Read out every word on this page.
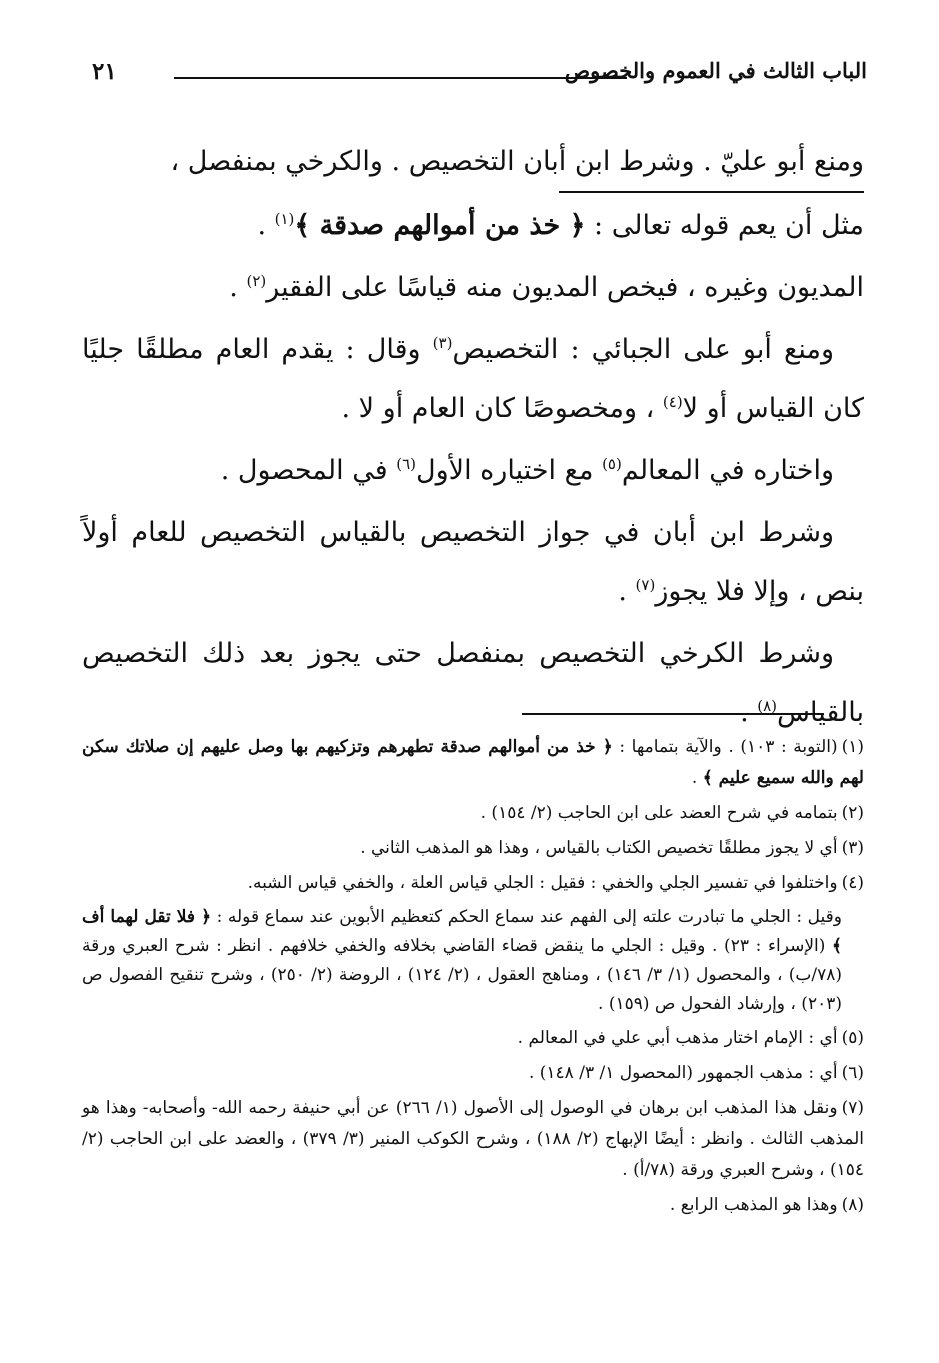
٢١	الباب الثالث في العموم والخصوص

ومنع أبو عليّ . وشرط ابن أبان التخصيص . والكرخي بمنفصل ،

مثل أن يعم قوله تعالى : ﴿ خذ من أموالهم صدقة ﴾$^{(١)}$ .

المديون وغيره ، فيخص المديون منه قياسًا على الفقير$^{(٢)}$ .

ومنع أبو على الجبائي : التخصيص$^{(٣)}$ وقال : يقدم العام مطلقًا جليًا كان القياس أو لا$^{(٤)}$ ، ومخصوصًا كان العام أو لا .

واختاره في المعالم$^{(٥)}$ مع اختياره الأول$^{(٦)}$ في المحصول .

وشرط ابن أبان في جواز التخصيص بالقياس التخصيص للعام أولاً بنص ، وإلا فلا يجوز$^{(٧)}$ .

وشرط الكرخي التخصيص بمنفصل حتى يجوز بعد ذلك التخصيص بالقياس$^{(٨)}$ .

(١)(التوبة : ١٠٣) . والآية بتمامها : ﴿ خذ من أموالهم صدقة تطهرهم وتزكيهم بها وصل عليهم إن صلاتك سكن لهم والله سميع عليم ﴾ .

(٢)بتمامه في شرح العضد على ابن الحاجب (٢/ ١٥٤) .

(٣)أي لا يجوز مطلقًا تخصيص الكتاب بالقياس ، وهذا هو المذهب الثاني .

(٤)واختلفوا في تفسير الجلي والخفي : فقيل : الجلي قياس العلة ، والخفي قياس الشبه.

وقيل : الجلي ما تبادرت علته إلى الفهم عند سماع الحكم كتعظيم الأبوين عند سماع قوله : ﴿ فلا تقل لهما أف ﴾ (الإسراء : ٢٣) . وقيل : الجلي ما ينقض قضاء القاضي بخلافه والخفي خلافهم . انظر : شرح العبري ورقة (٧٨/ب) ، والمحصول (١/ ٣/ ١٤٦) ، ومناهج العقول ، (٢/ ١٢٤) ، الروضة (٢/ ٢٥٠) ، وشرح تنقيح الفصول ص (٢٠٣) ، وإرشاد الفحول ص (١٥٩) .

(٥)أي : الإمام اختار مذهب أبي علي في المعالم .

(٦)أي : مذهب الجمهور (المحصول ١/ ٣/ ١٤٨) .

(٧)ونقل هذا المذهب ابن برهان في الوصول إلى الأصول (١/ ٢٦٦) عن أبي حنيفة رحمه الله- وأصحابه- وهذا هو المذهب الثالث . وانظر : أيضًا الإبهاج (٢/ ١٨٨) ، وشرح الكوكب المنير (٣/ ٣٧٩) ، والعضد على ابن الحاجب (٢/ ١٥٤) ، وشرح العبري ورقة (٧٨/أ) .

(٨)وهذا هو المذهب الرابع .
